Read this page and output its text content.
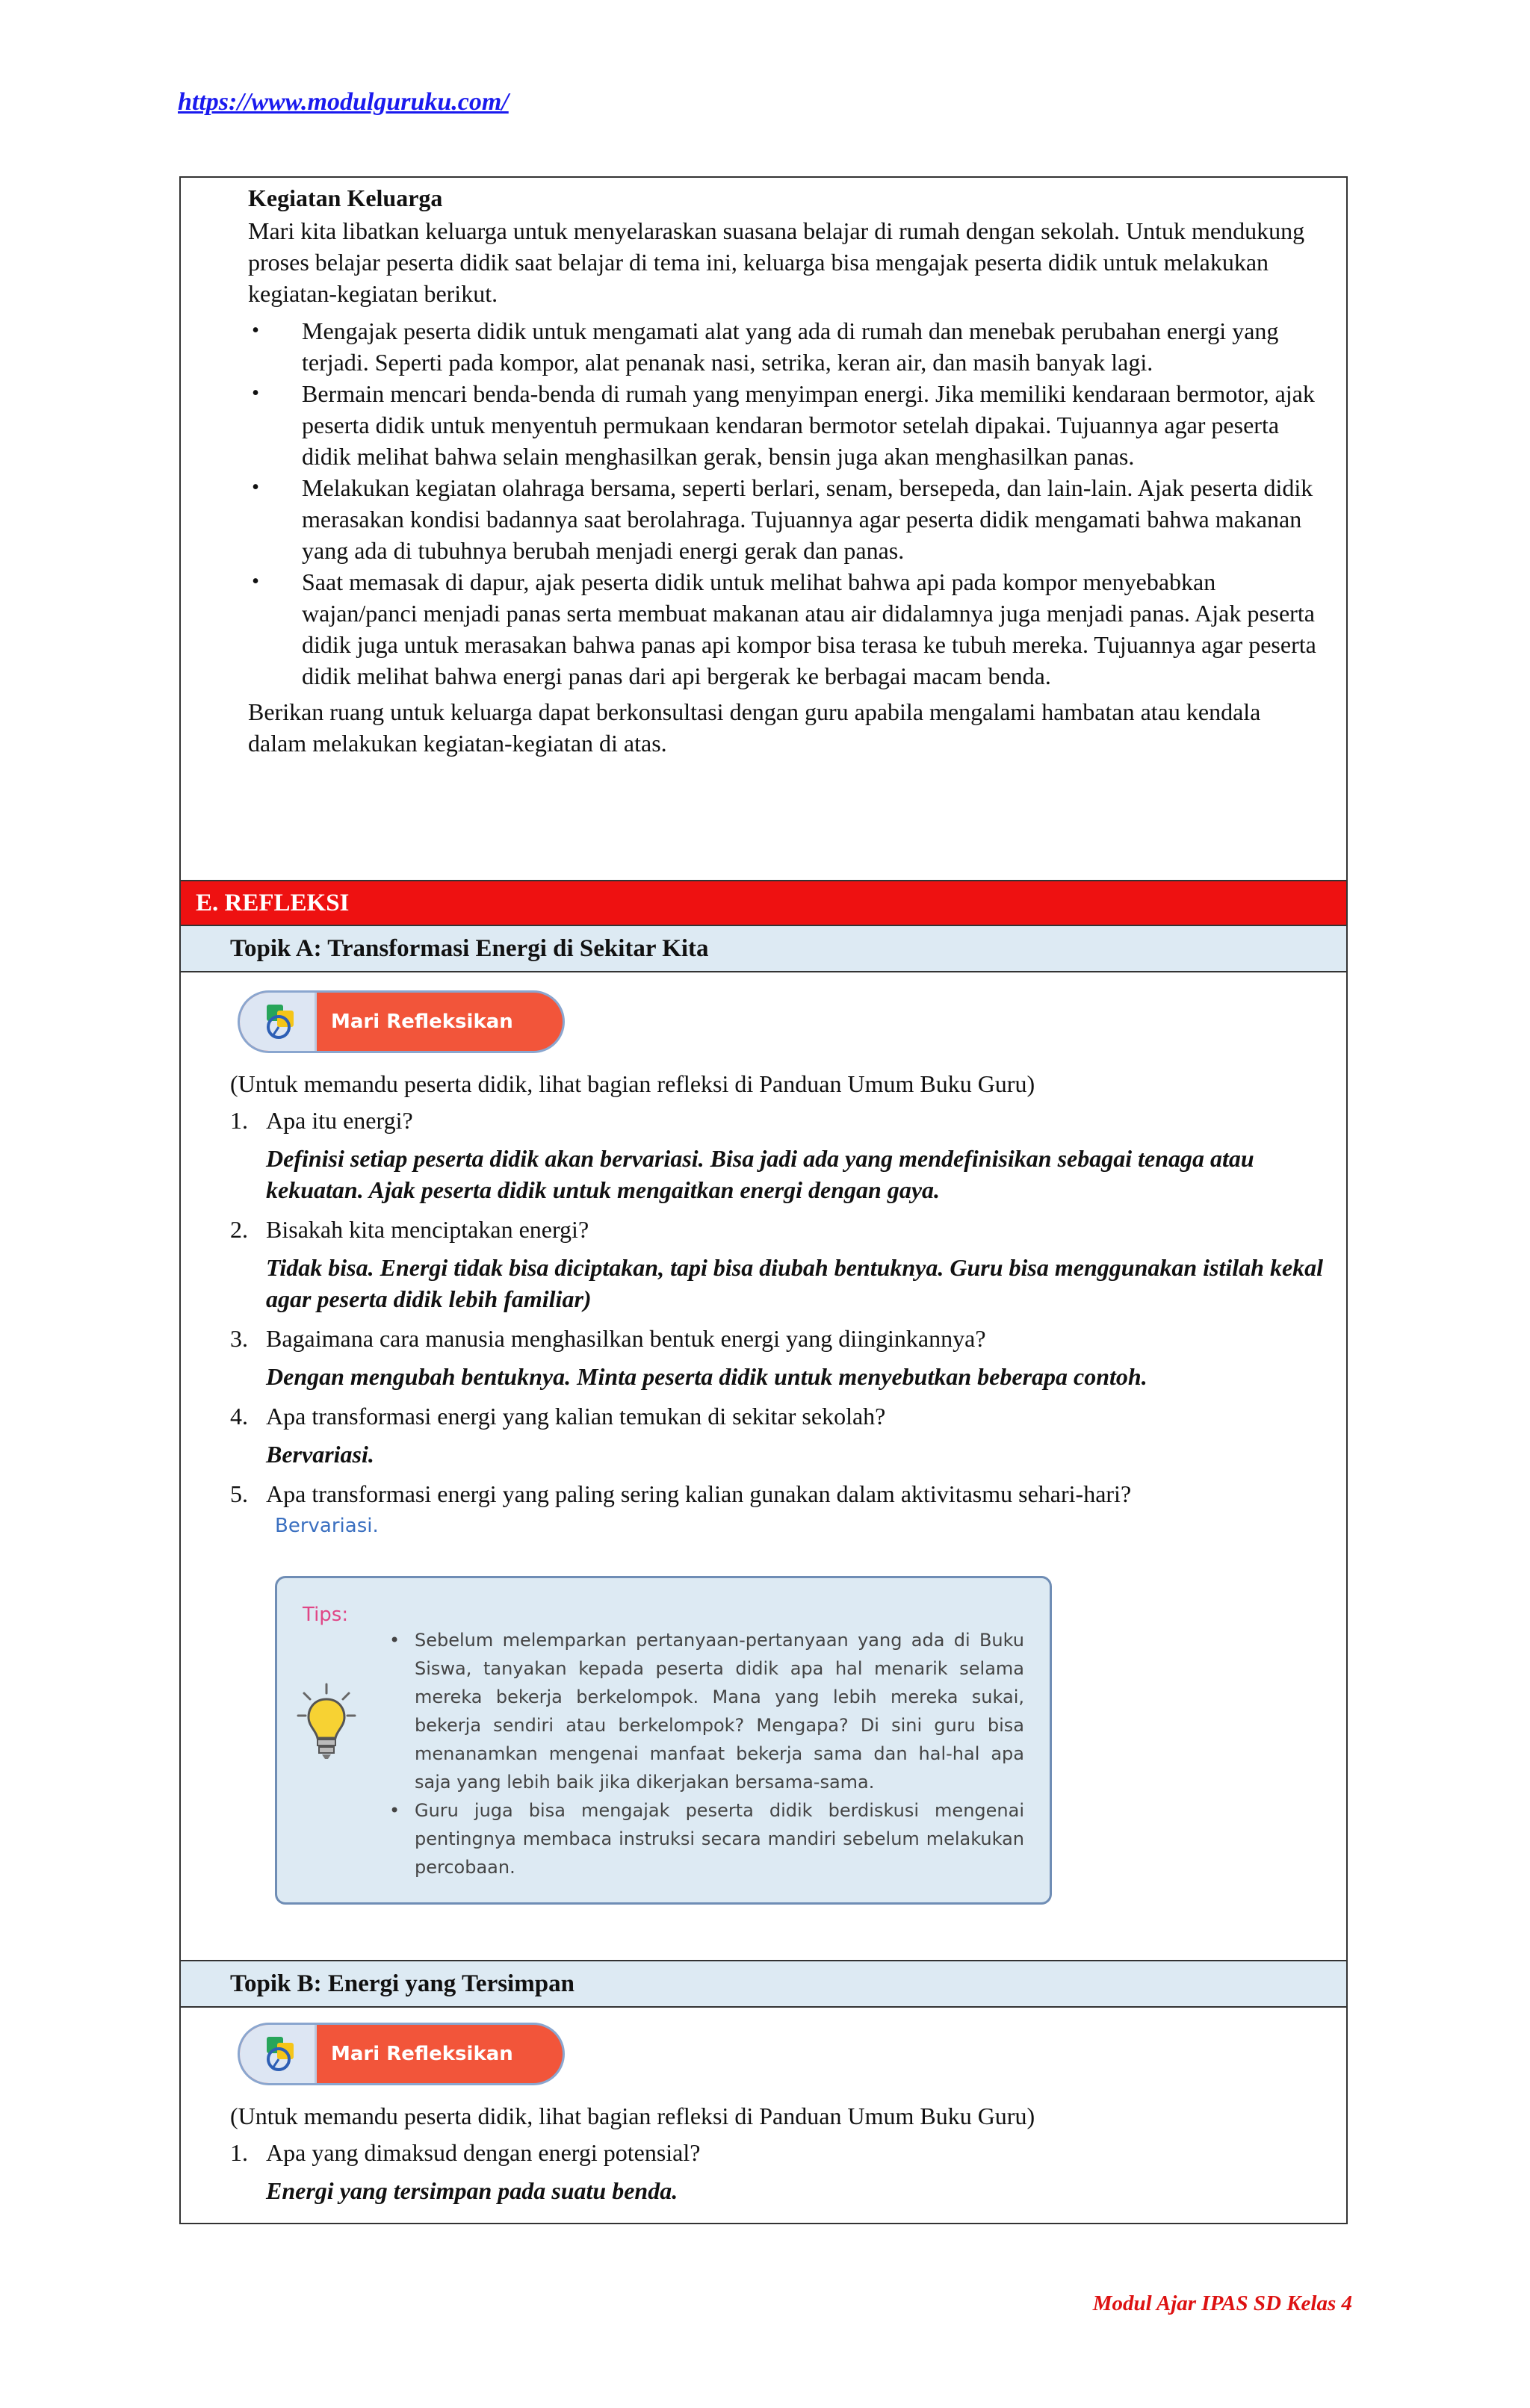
https://www.modulguruku.com/
Kegiatan Keluarga

Mari kita libatkan keluarga untuk menyelaraskan suasana belajar di rumah dengan sekolah. Untuk mendukung proses belajar peserta didik saat belajar di tema ini, keluarga bisa mengajak peserta didik untuk melakukan kegiatan-kegiatan berikut.

• Mengajak peserta didik untuk mengamati alat yang ada di rumah dan menebak perubahan energi yang terjadi. Seperti pada kompor, alat penanak nasi, setrika, keran air, dan masih banyak lagi.
• Bermain mencari benda-benda di rumah yang menyimpan energi. Jika memiliki kendaraan bermotor, ajak peserta didik untuk menyentuh permukaan kendaran bermotor setelah dipakai. Tujuannya agar peserta didik melihat bahwa selain menghasilkan gerak, bensin juga akan menghasilkan panas.
• Melakukan kegiatan olahraga bersama, seperti berlari, senam, bersepeda, dan lain-lain. Ajak peserta didik merasakan kondisi badannya saat berolahraga. Tujuannya agar peserta didik mengamati bahwa makanan yang ada di tubuhnya berubah menjadi energi gerak dan panas.
• Saat memasak di dapur, ajak peserta didik untuk melihat bahwa api pada kompor menyebabkan wajan/panci menjadi panas serta membuat makanan atau air didalamnya juga menjadi panas. Ajak peserta didik juga untuk merasakan bahwa panas api kompor bisa terasa ke tubuh mereka. Tujuannya agar peserta didik melihat bahwa energi panas dari api bergerak ke berbagai macam benda.

Berikan ruang untuk keluarga dapat berkonsultasi dengan guru apabila mengalami hambatan atau kendala dalam melakukan kegiatan-kegiatan di atas.

E. REFLEKSI
Topik A: Transformasi Energi di Sekitar Kita
Mari Refleksikan

(Untuk memandu peserta didik, lihat bagian refleksi di Panduan Umum Buku Guru)

1. Apa itu energi?
Definisi setiap peserta didik akan bervariasi. Bisa jadi ada yang mendefinisikan sebagai tenaga atau kekuatan. Ajak peserta didik untuk mengaitkan energi dengan gaya.
2. Bisakah kita menciptakan energi?
Tidak bisa. Energi tidak bisa diciptakan, tapi bisa diubah bentuknya. Guru bisa menggunakan istilah kekal agar peserta didik lebih familiar)
3. Bagaimana cara manusia menghasilkan bentuk energi yang diinginkannya?
Dengan mengubah bentuknya. Minta peserta didik untuk menyebutkan beberapa contoh.
4. Apa transformasi energi yang kalian temukan di sekitar sekolah?
Bervariasi.
5. Apa transformasi energi yang paling sering kalian gunakan dalam aktivitasmu sehari-hari?
Bervariasi.
Tips:
• Sebelum melemparkan pertanyaan-pertanyaan yang ada di Buku Siswa, tanyakan kepada peserta didik apa hal menarik selama mereka bekerja berkelompok. Mana yang lebih mereka sukai, bekerja sendiri atau berkelompok? Mengapa? Di sini guru bisa menanamkan mengenai manfaat bekerja sama dan hal-hal apa saja yang lebih baik jika dikerjakan bersama-sama.
• Guru juga bisa mengajak peserta didik berdiskusi mengenai pentingnya membaca instruksi secara mandiri sebelum melakukan percobaan.
Topik B: Energi yang Tersimpan
Mari Refleksikan

(Untuk memandu peserta didik, lihat bagian refleksi di Panduan Umum Buku Guru)

1. Apa yang dimaksud dengan energi potensial?
Energi yang tersimpan pada suatu benda.
Modul Ajar IPAS SD Kelas 4
